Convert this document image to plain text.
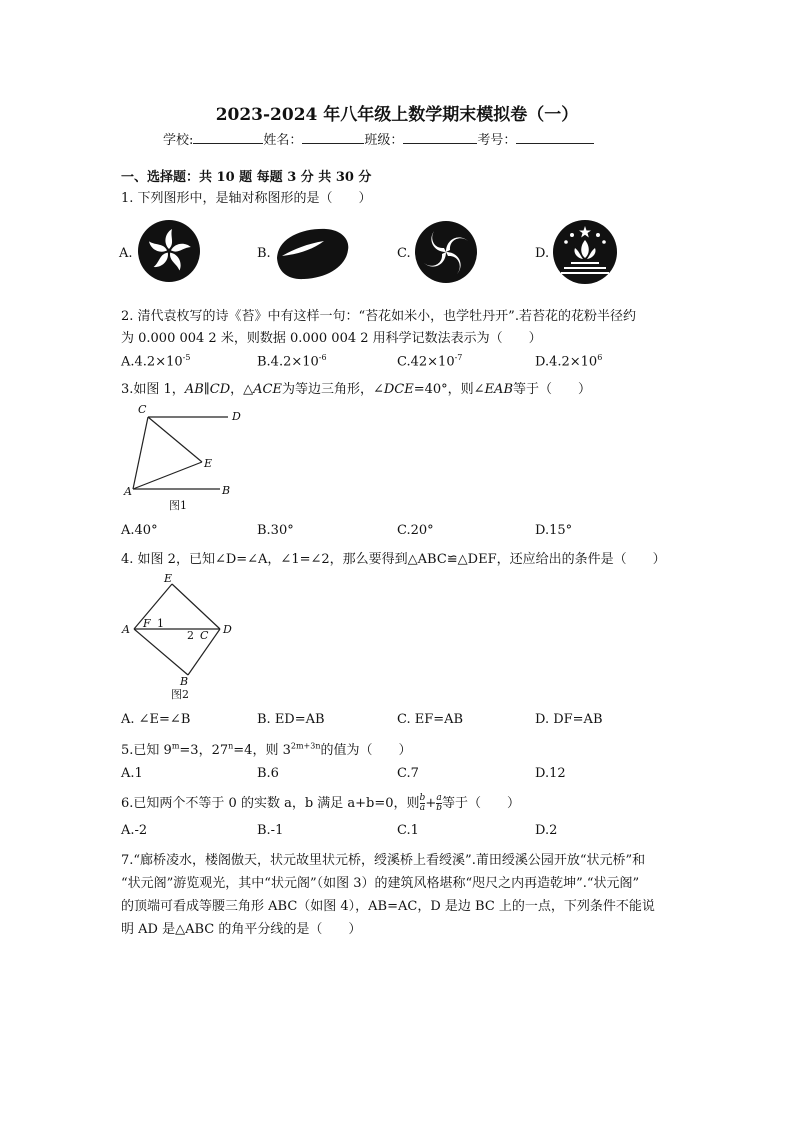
2023-2024 年八年级上数学期末模拟卷（一）
学校:	姓名：	班级：	考号：
一、选择题：共 10 题 每题 3 分 共 30 分
1. 下列图形中，是轴对称图形的是（　　）
A.	B.	C.	D.
2. 清代袁枚写的诗《苔》中有这样一句：“苔花如米小，也学牡丹开”.若苔花的花粉半径约
为 0.000 004 2 米，则数据 0.000 004 2 用科学记数法表示为（　　）
$A.4.2\times 10^{-5}$	$B.4.2\times 10^{-6}$	$C.42\times 10^{-7}$	$D.4.2\times 10^6$
3.如图 1，AB∥CD，△ACE为等边三角形，∠DCE=40°，则∠EAB等于（　　）
C
D
E
A	B
图1
A.40°	B.30°	C.20°	D.15°
4. 如图 2，已知∠D=∠A，∠1=∠2，那么要得到△ABC≌△DEF，还应给出的条件是（　　）
E
A F 1
2 C D
B
图2
A. ∠E=∠B	B. ED=AB	C. EF=AB	D. DF=AB
5.已知 $9^m=3$，$27^n=4$，则 $3^{2m+3n}$的值为（　　）
A.1	B.6	C.7	D.12
6.已知两个不等于 0 的实数 a，b 满足 a+b=0，则 $\frac{b}{a} + \frac{a}{b}$ 等于（　　）
A.-2	B.-1	C.1	D.2
7.“廊桥凌水，楼阁傲天，状元故里状元桥，绶溪桥上看绶溪”.莆田绶溪公园开放“状元桥”和
“状元阁”游览观光，其中“状元阁”（如图 3）的建筑风格堪称“咫尺之内再造乾坤”.“状元阁”
的顶端可看成等腰三角形 ABC（如图 4），AB=AC，D 是边 BC 上的一点，下列条件不能说
明 AD 是△ABC 的角平分线的是（　　）
